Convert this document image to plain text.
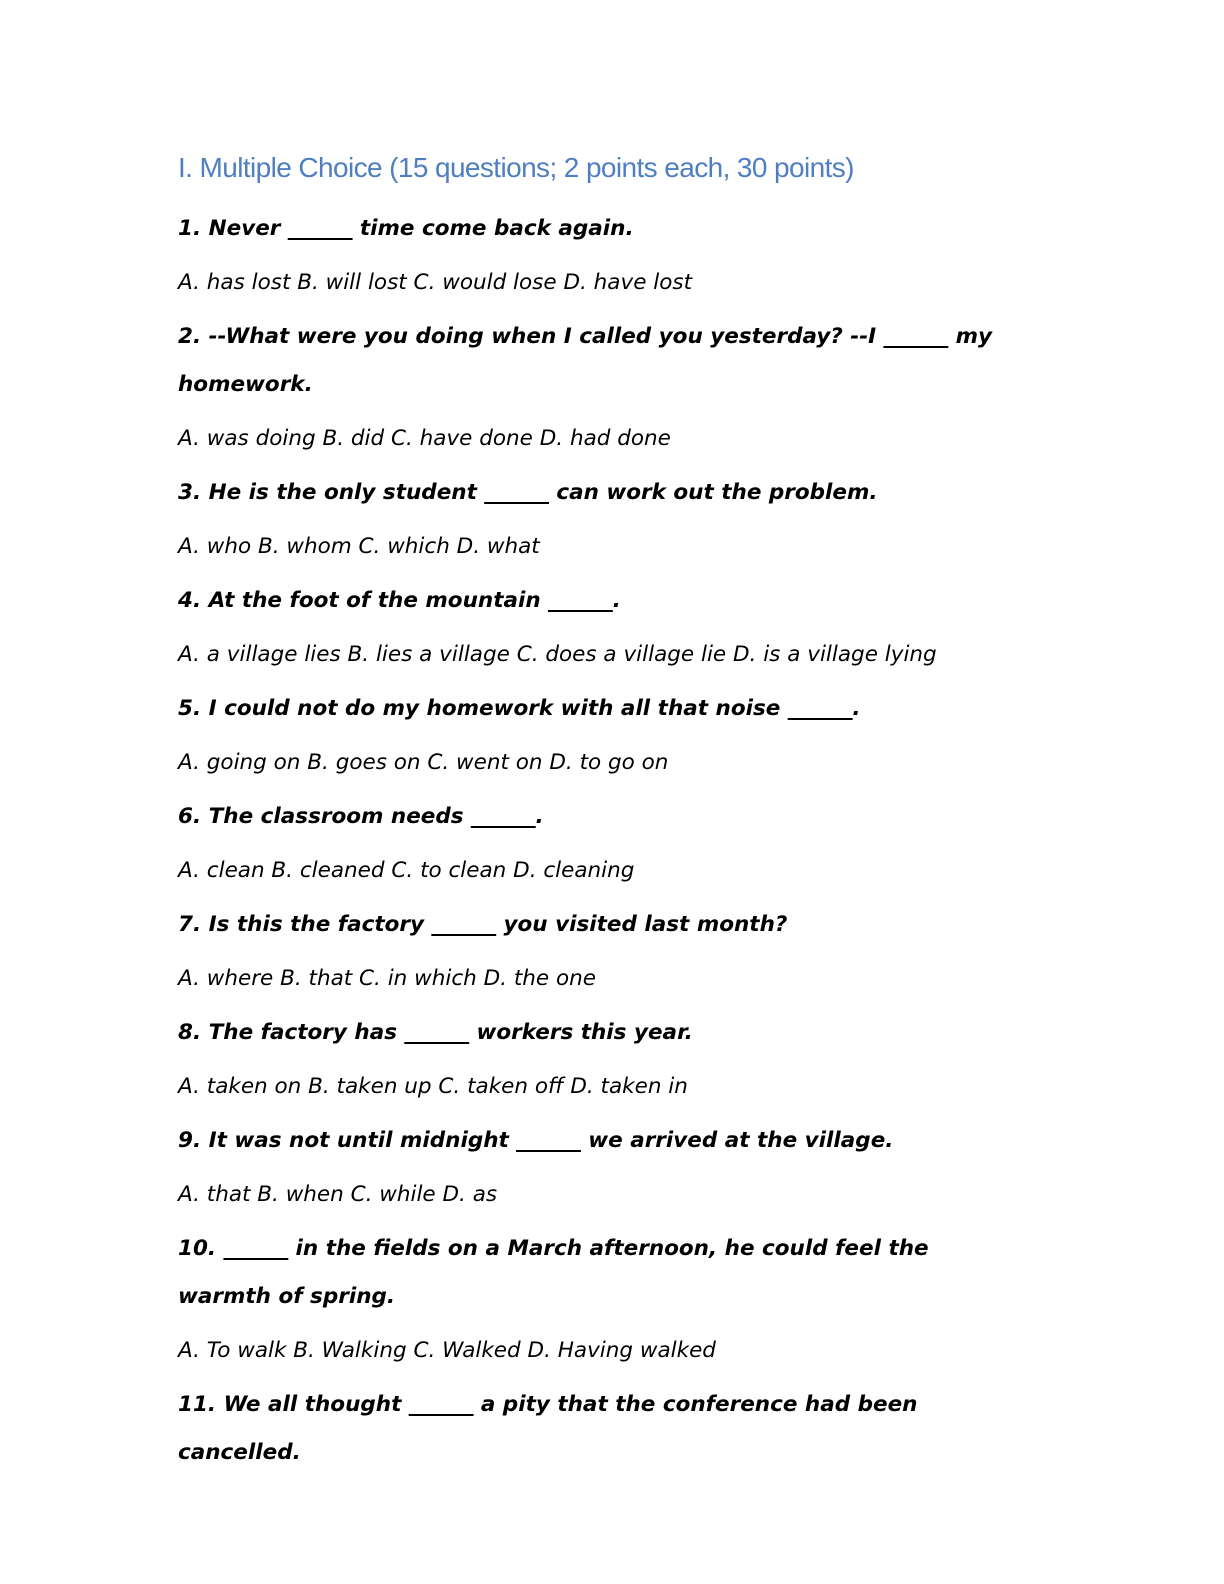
I. Multiple Choice (15 questions; 2 points each, 30 points)

1. Never ______ time come back again.

A. has lost B. will lost C. would lose D. have lost

2. --What were you doing when I called you yesterday? --I ______ my homework.

A. was doing B. did C. have done D. had done

3. He is the only student ______ can work out the problem.

A. who B. whom C. which D. what

4. At the foot of the mountain ______.

A. a village lies B. lies a village C. does a village lie D. is a village lying

5. I could not do my homework with all that noise ______.

A. going on B. goes on C. went on D. to go on

6. The classroom needs ______.

A. clean B. cleaned C. to clean D. cleaning

7. Is this the factory ______ you visited last month?

A. where B. that C. in which D. the one

8. The factory has ______ workers this year.

A. taken on B. taken up C. taken off D. taken in

9. It was not until midnight ______ we arrived at the village.

A. that B. when C. while D. as

10. ______ in the fields on a March afternoon, he could feel the warmth of spring.

A. To walk B. Walking C. Walked D. Having walked

11. We all thought ______ a pity that the conference had been cancelled.
